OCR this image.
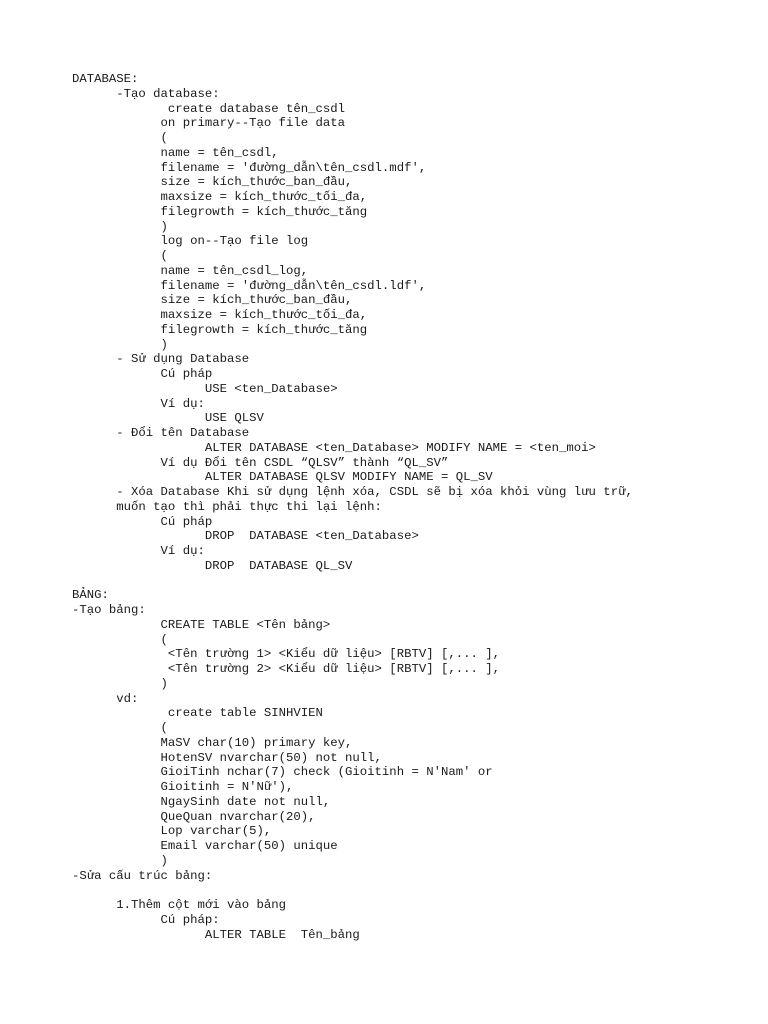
DATABASE:
-Tạo database:
create database tên_csdl
on primary--Tạo file data
(
name = tên_csdl,
filename = 'đường_dẫn\tên_csdl.mdf',
size = kích_thước_ban_đầu,
maxsize = kích_thước_tối_đa,
filegrowth = kích_thước_tăng
)
log on--Tạo file log
(
name = tên_csdl_log,
filename = 'đường_dẫn\tên_csdl.ldf',
size = kích_thước_ban_đầu,
maxsize = kích_thước_tối_đa,
filegrowth = kích_thước_tăng
)
- Sử dụng Database
Cú pháp
USE <ten_Database>
Ví dụ:
USE QLSV
- Đổi tên Database
ALTER DATABASE <ten_Database> MODIFY NAME = <ten_moi>
Ví dụ Đổi tên CSDL “QLSV” thành “QL_SV”
ALTER DATABASE QLSV MODIFY NAME = QL_SV
- Xóa Database Khi sử dụng lệnh xóa, CSDL sẽ bị xóa khỏi vùng lưu trữ,
muốn tạo thì phải thực thi lại lệnh:
Cú pháp
DROP  DATABASE <ten_Database>
Ví dụ:
DROP  DATABASE QL_SV
BẢNG:
-Tạo bảng:
CREATE TABLE <Tên bảng>
(
<Tên trường 1> <Kiểu dữ liệu> [RBTV] [,... ],
<Tên trường 2> <Kiểu dữ liệu> [RBTV] [,... ],
)
vd:
create table SINHVIEN
(
MaSV char(10) primary key,
HotenSV nvarchar(50) not null,
GioiTinh nchar(7) check (Gioitinh = N'Nam' or
Gioitinh = N'Nữ'),
NgaySinh date not null,
QueQuan nvarchar(20),
Lop varchar(5),
Email varchar(50) unique
)
-Sửa cấu trúc bảng:
1.Thêm cột mới vào bảng
Cú pháp:
ALTER TABLE  Tên_bảng
